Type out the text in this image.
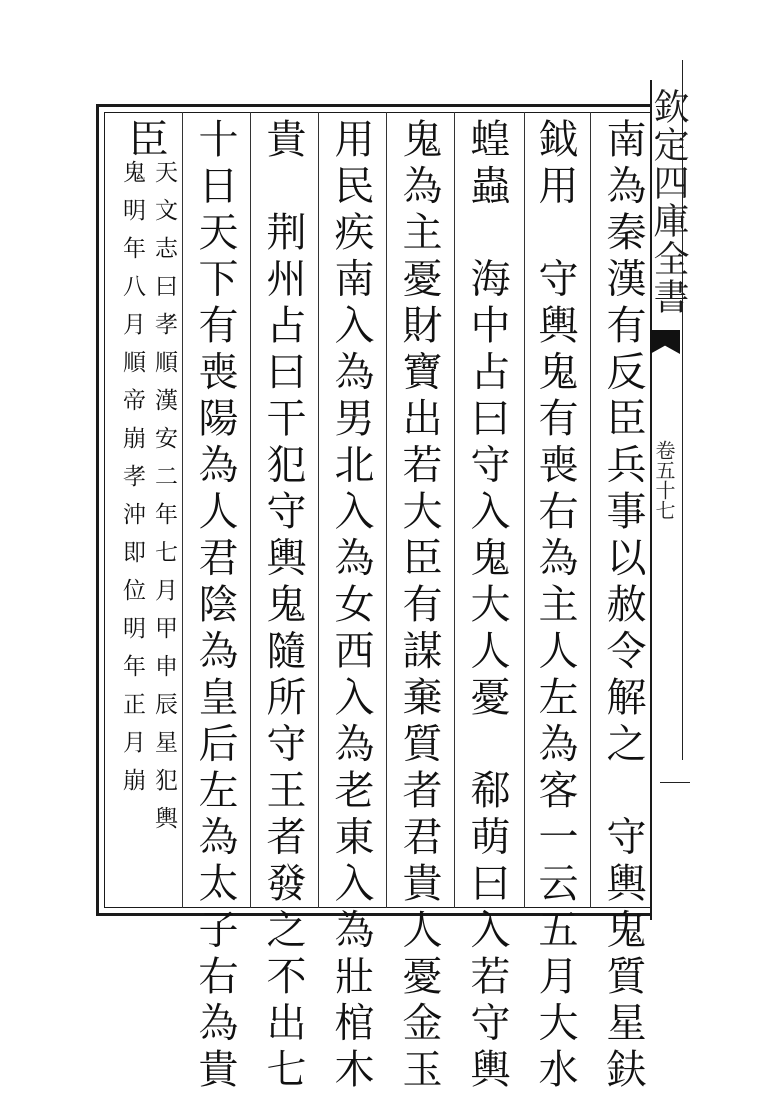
欽定四庫全書
卷五十七
南為秦漢有反臣兵事以赦令解之　守輿鬼質星鈇
鉞用　守輿鬼有喪右為主人左為客一云五月大水
蝗蟲　海中占曰守入鬼大人憂　郗萌曰入若守輿
鬼為主憂財寶出若大臣有謀棄質者君貴人憂金玉
用民疾南入為男北入為女西入為老東入為壯棺木
貴　荆州占曰干犯守輿鬼隨所守王者發之不出七
十日天下有喪陽為人君陰為皇后左為太子右為貴
臣
天文志曰孝順漢安二年七月甲申辰星犯輿
鬼明年八月順帝崩孝沖即位明年正月崩
